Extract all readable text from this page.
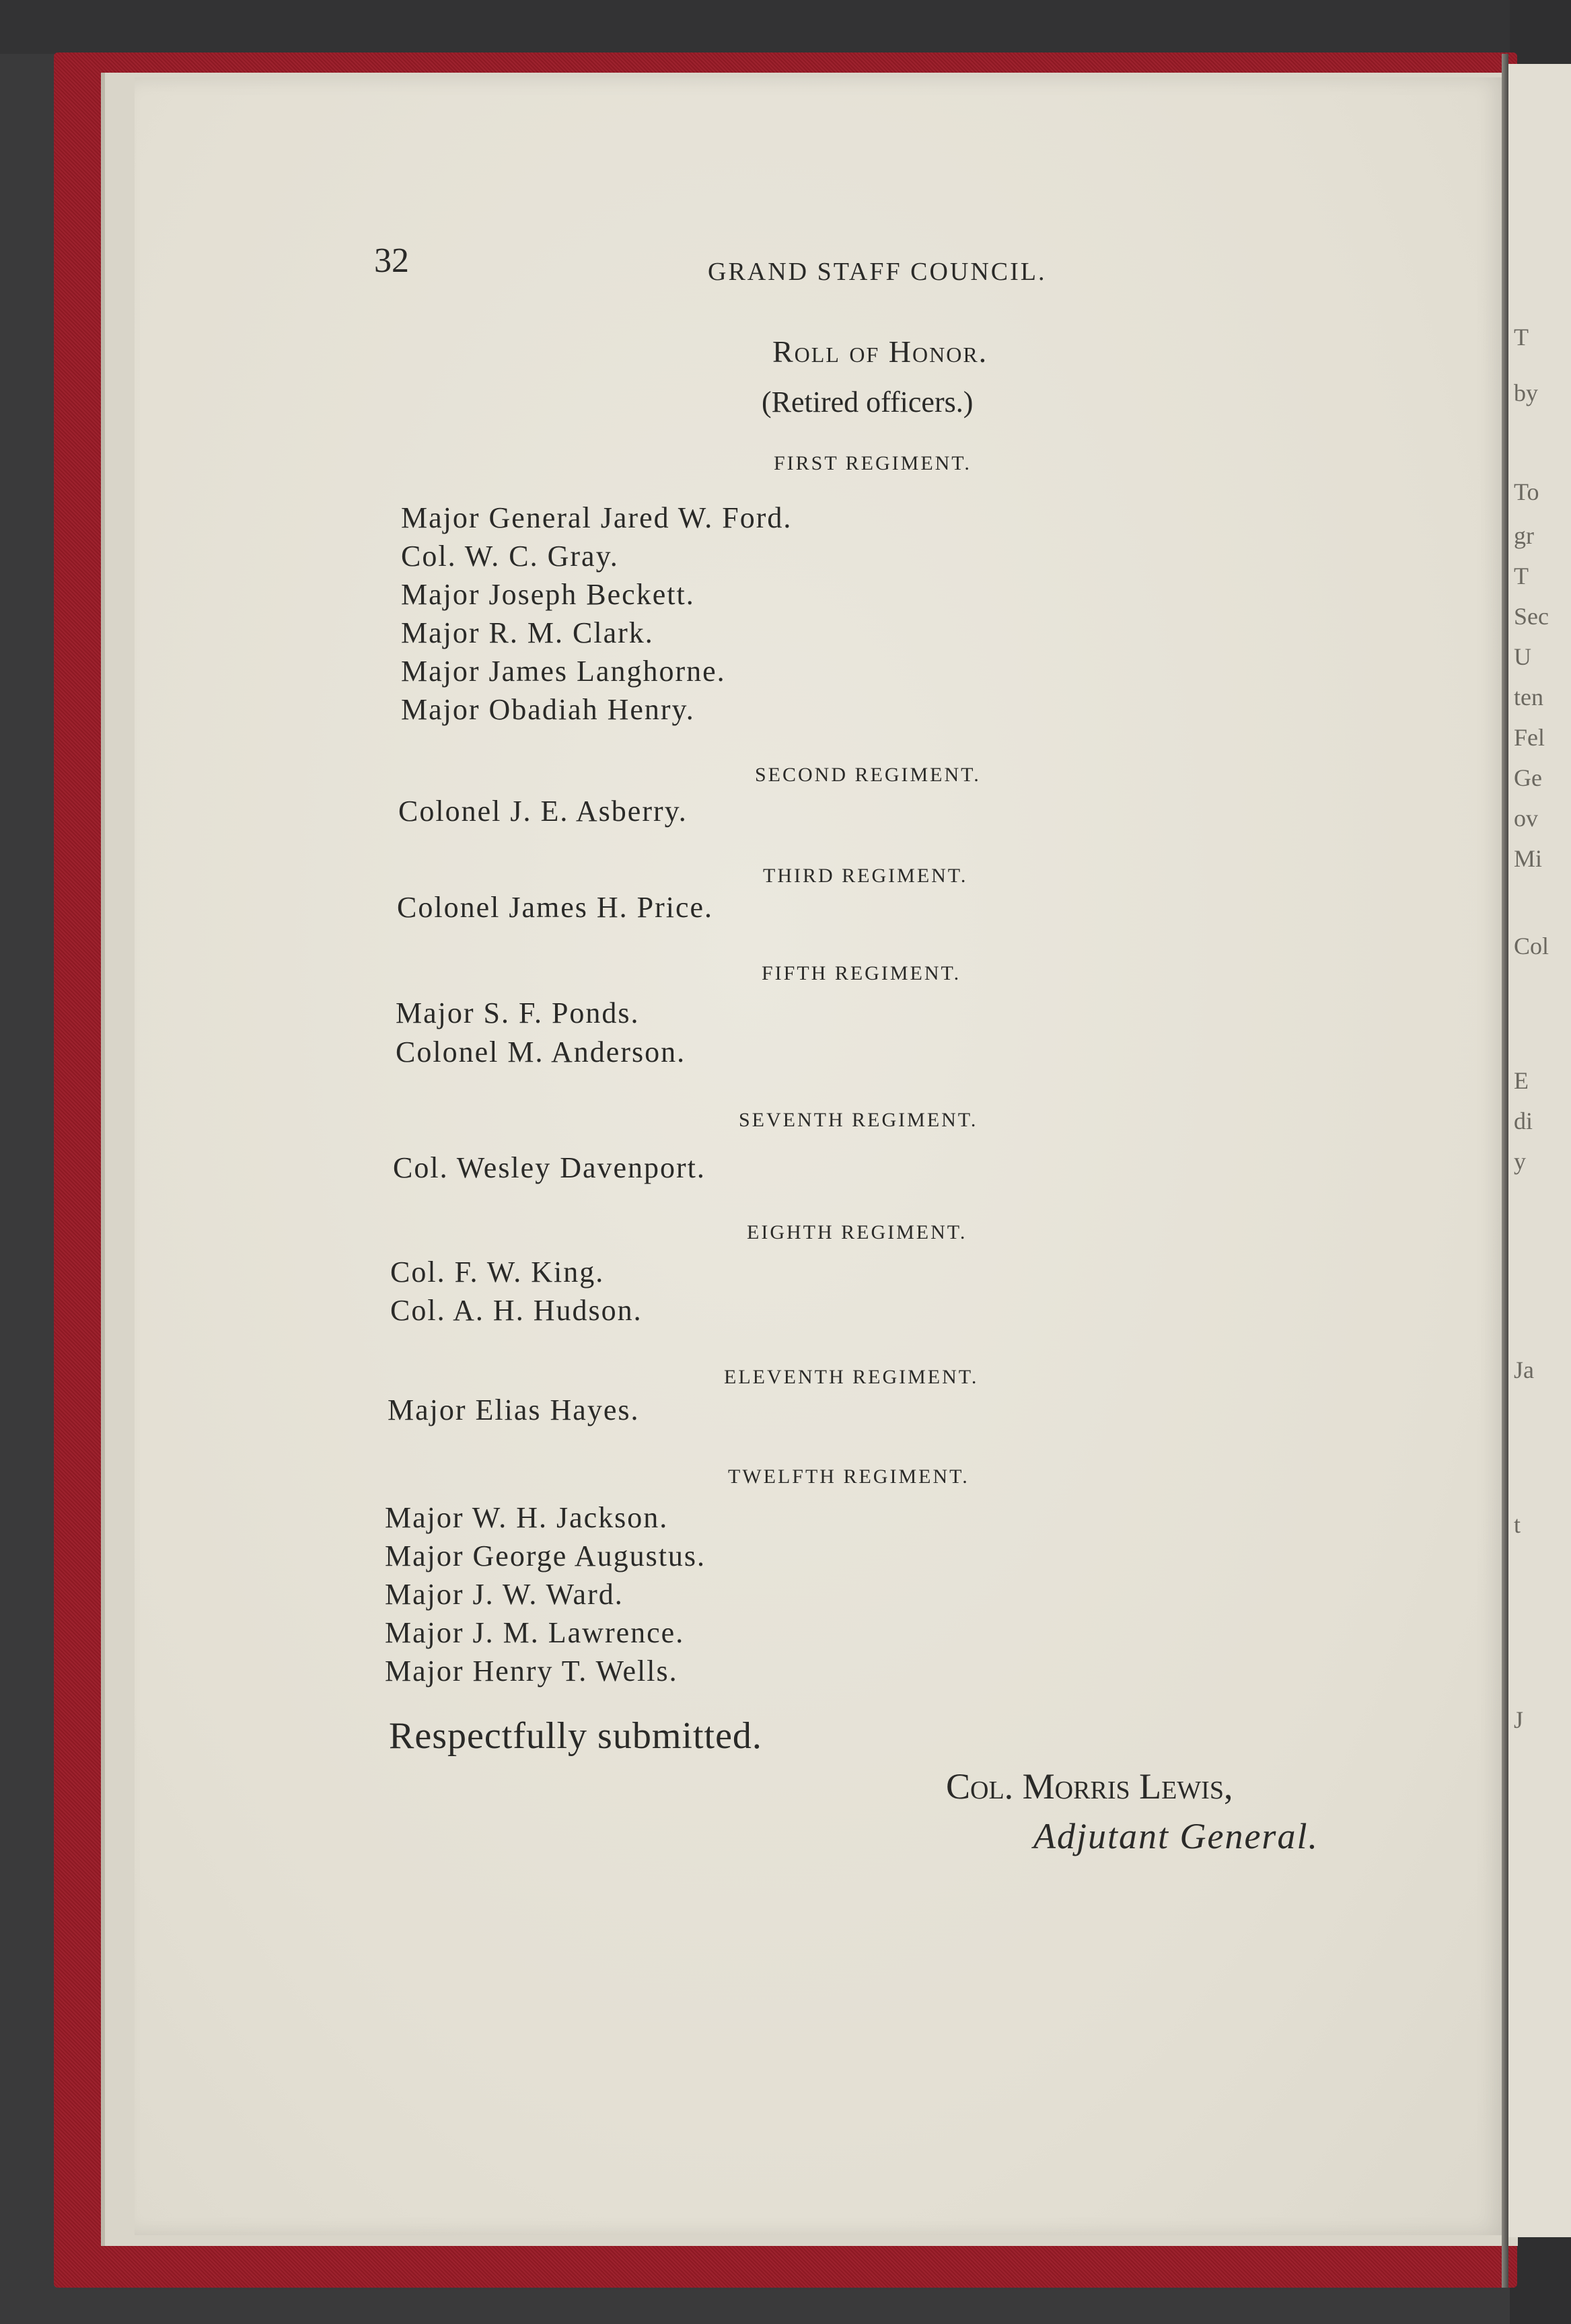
T
by
To
gr
T
Sec
U
ten
Fel
Ge
ov
Mi
Col
E
di
y
Ja
t
J
32	GRAND STAFF COUNCIL.
Roll of Honor.
(Retired officers.)
FIRST REGIMENT.
Major General Jared W. Ford.
Col. W. C. Gray.
Major Joseph Beckett.
Major R. M. Clark.
Major James Langhorne.
Major Obadiah Henry.
SECOND REGIMENT.
Colonel J. E. Asberry.
THIRD REGIMENT.
Colonel James H. Price.
FIFTH REGIMENT.
Major S. F. Ponds.
Colonel M. Anderson.
SEVENTH REGIMENT.
Col. Wesley Davenport.
EIGHTH REGIMENT.
Col. F. W. King.
Col. A. H. Hudson.
ELEVENTH REGIMENT.
Major Elias Hayes.
TWELFTH REGIMENT.
Major W. H. Jackson.
Major George Augustus.
Major J. W. Ward.
Major J. M. Lawrence.
Major Henry T. Wells.
Respectfully submitted.
Col. Morris Lewis,
Adjutant General.
